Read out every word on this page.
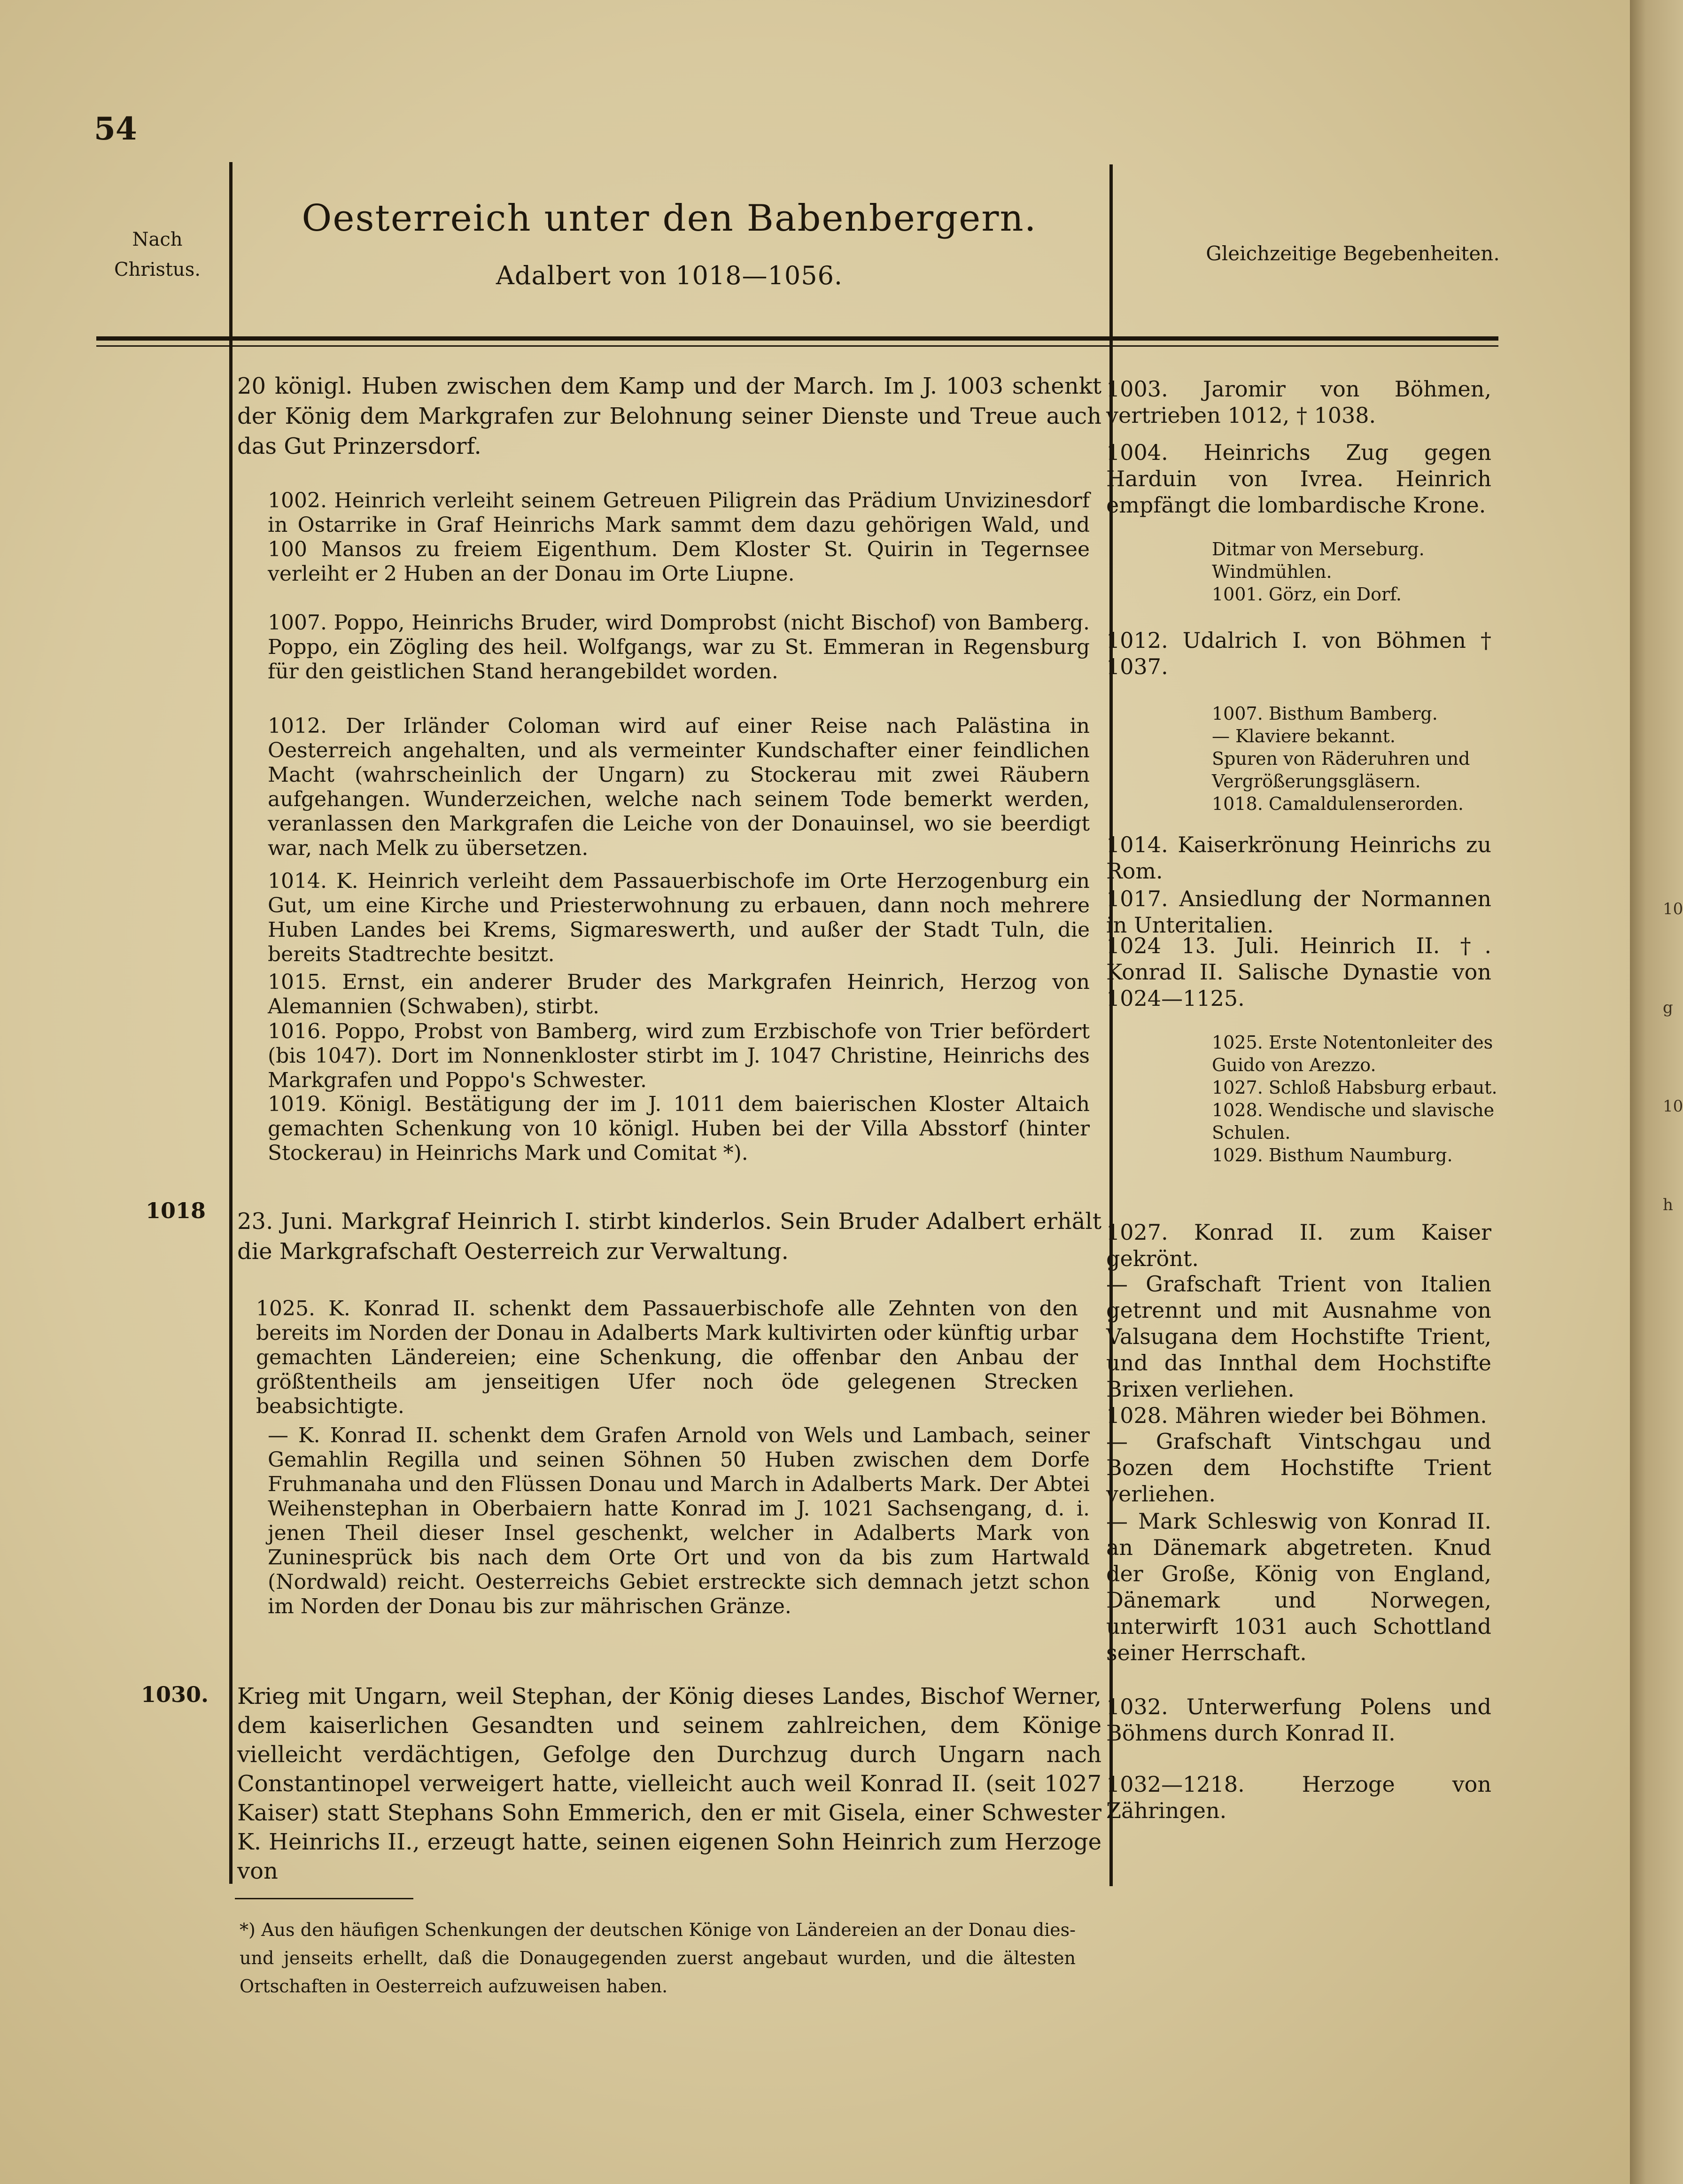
54
Nach
Christus.
Oesterreich unter den Babenbergern.
Adalbert von 1018—1056.
Gleichzeitige Begebenheiten.

20 königl. Huben zwischen dem Kamp und der March. Im J. 1003 schenkt der König dem Markgrafen zur Belohnung seiner Dienste und Treue auch das Gut Prinzersdorf.

1002. Heinrich verleiht seinem Getreuen Piligrein das Prädium Unvizinesdorf in Ostarrike in Graf Heinrichs Mark sammt dem dazu gehörigen Wald, und 100 Mansos zu freiem Eigenthum. Dem Kloster St. Quirin in Tegernsee verleiht er 2 Huben an der Donau im Orte Liupne.

1007. Poppo, Heinrichs Bruder, wird Domprobst (nicht Bischof) von Bamberg. Poppo, ein Zögling des heil. Wolfgangs, war zu St. Emmeran in Regensburg für den geistlichen Stand herangebildet worden.

1012. Der Irländer Coloman wird auf einer Reise nach Palästina in Oesterreich angehalten, und als vermeinter Kundschafter einer feindlichen Macht (wahrscheinlich der Ungarn) zu Stockerau mit zwei Räubern aufgehangen. Wunderzeichen, welche nach seinem Tode bemerkt werden, veranlassen den Markgrafen die Leiche von der Donauinsel, wo sie beerdigt war, nach Melk zu übersetzen.

1014. K. Heinrich verleiht dem Passauerbischofe im Orte Herzogenburg ein Gut, um eine Kirche und Priesterwohnung zu erbauen, dann noch mehrere Huben Landes bei Krems, Sigmareswerth, und außer der Stadt Tuln, die bereits Stadtrechte besitzt.

1015. Ernst, ein anderer Bruder des Markgrafen Heinrich, Herzog von Alemannien (Schwaben), stirbt.

1016. Poppo, Probst von Bamberg, wird zum Erzbischofe von Trier befördert (bis 1047). Dort im Nonnenkloster stirbt im J. 1047 Christine, Heinrichs des Markgrafen und Poppo's Schwester.

1019. Königl. Bestätigung der im J. 1011 dem baierischen Kloster Altaich gemachten Schenkung von 10 königl. Huben bei der Villa Absstorf (hinter Stockerau) in Heinrichs Mark und Comitat *).

1018 23. Juni. Markgraf Heinrich I. stirbt kinderlos. Sein Bruder Adalbert erhält die Markgrafschaft Oesterreich zur Verwaltung.

1025. K. Konrad II. schenkt dem Passauerbischofe alle Zehnten von den bereits im Norden der Donau in Adalberts Mark kultivirten oder künftig urbar gemachten Ländereien; eine Schenkung, die offenbar den Anbau der größtentheils am jenseitigen Ufer noch öde gelegenen Strecken beabsichtigte.

— K. Konrad II. schenkt dem Grafen Arnold von Wels und Lambach, seiner Gemahlin Regilla und seinen Söhnen 50 Huben zwischen dem Dorfe Fruhmanaha und den Flüssen Donau und March in Adalberts Mark. Der Abtei Weihenstephan in Oberbaiern hatte Konrad im J. 1021 Sachsengang, d. i. jenen Theil dieser Insel geschenkt, welcher in Adalberts Mark von Zuninesprück bis nach dem Orte Ort und von da bis zum Hartwald (Nordwald) reicht. Oesterreichs Gebiet erstreckte sich demnach jetzt schon im Norden der Donau bis zur mährischen Gränze.

1030. Krieg mit Ungarn, weil Stephan, der König dieses Landes, Bischof Werner, dem kaiserlichen Gesandten und seinem zahlreichen, dem Könige vielleicht verdächtigen, Gefolge den Durchzug durch Ungarn nach Constantinopel verweigert hatte, vielleicht auch weil Konrad II. (seit 1027 Kaiser) statt Stephans Sohn Emmerich, den er mit Gisela, einer Schwester K. Heinrichs II., erzeugt hatte, seinen eigenen Sohn Heinrich zum Herzoge von

*) Aus den häufigen Schenkungen der deutschen Könige von Ländereien an der Donau dies- und jenseits erhellt, daß die Donaugegenden zuerst angebaut wurden, und die ältesten Ortschaften in Oesterreich aufzuweisen haben.

1003. Jaromir von Böhmen, vertrieben 1012, † 1038.

1004. Heinrichs Zug gegen Harduin von Ivrea. Heinrich empfängt die lombardische Krone.

Ditmar von Merseburg.
Windmühlen.
1001. Görz, ein Dorf.

1012. Udalrich I. von Böhmen † 1037.

1007. Bisthum Bamberg.
— Klaviere bekannt.
Spuren von Räderuhren und Vergrößerungsgläsern.
1018. Camaldulenserorden.

1014. Kaiserkrönung Heinrichs zu Rom.

1017. Ansiedlung der Normannen in Unteritalien.

1024 13. Juli. Heinrich II. †. Konrad II. Salische Dynastie von 1024—1125.

1025. Erste Notentonleiter des Guido von Arezzo.
1027. Schloß Habsburg erbaut.
1028. Wendische und slavische Schulen.
1029. Bisthum Naumburg.

1027. Konrad II. zum Kaiser gekrönt.

— Grafschaft Trient von Italien getrennt und mit Ausnahme von Valsugana dem Hochstifte Trient, und das Innthal dem Hochstifte Brixen verliehen.

1028. Mähren wieder bei Böhmen.

— Grafschaft Vintschgau und Bozen dem Hochstifte Trient verliehen.

— Mark Schleswig von Konrad II. an Dänemark abgetreten. Knud der Große, König von England, Dänemark und Norwegen, unterwirft 1031 auch Schottland seiner Herrschaft.

1032. Unterwerfung Polens und Böhmens durch Konrad II.

1032—1218. Herzoge von Zähringen.

10
g
10
h
